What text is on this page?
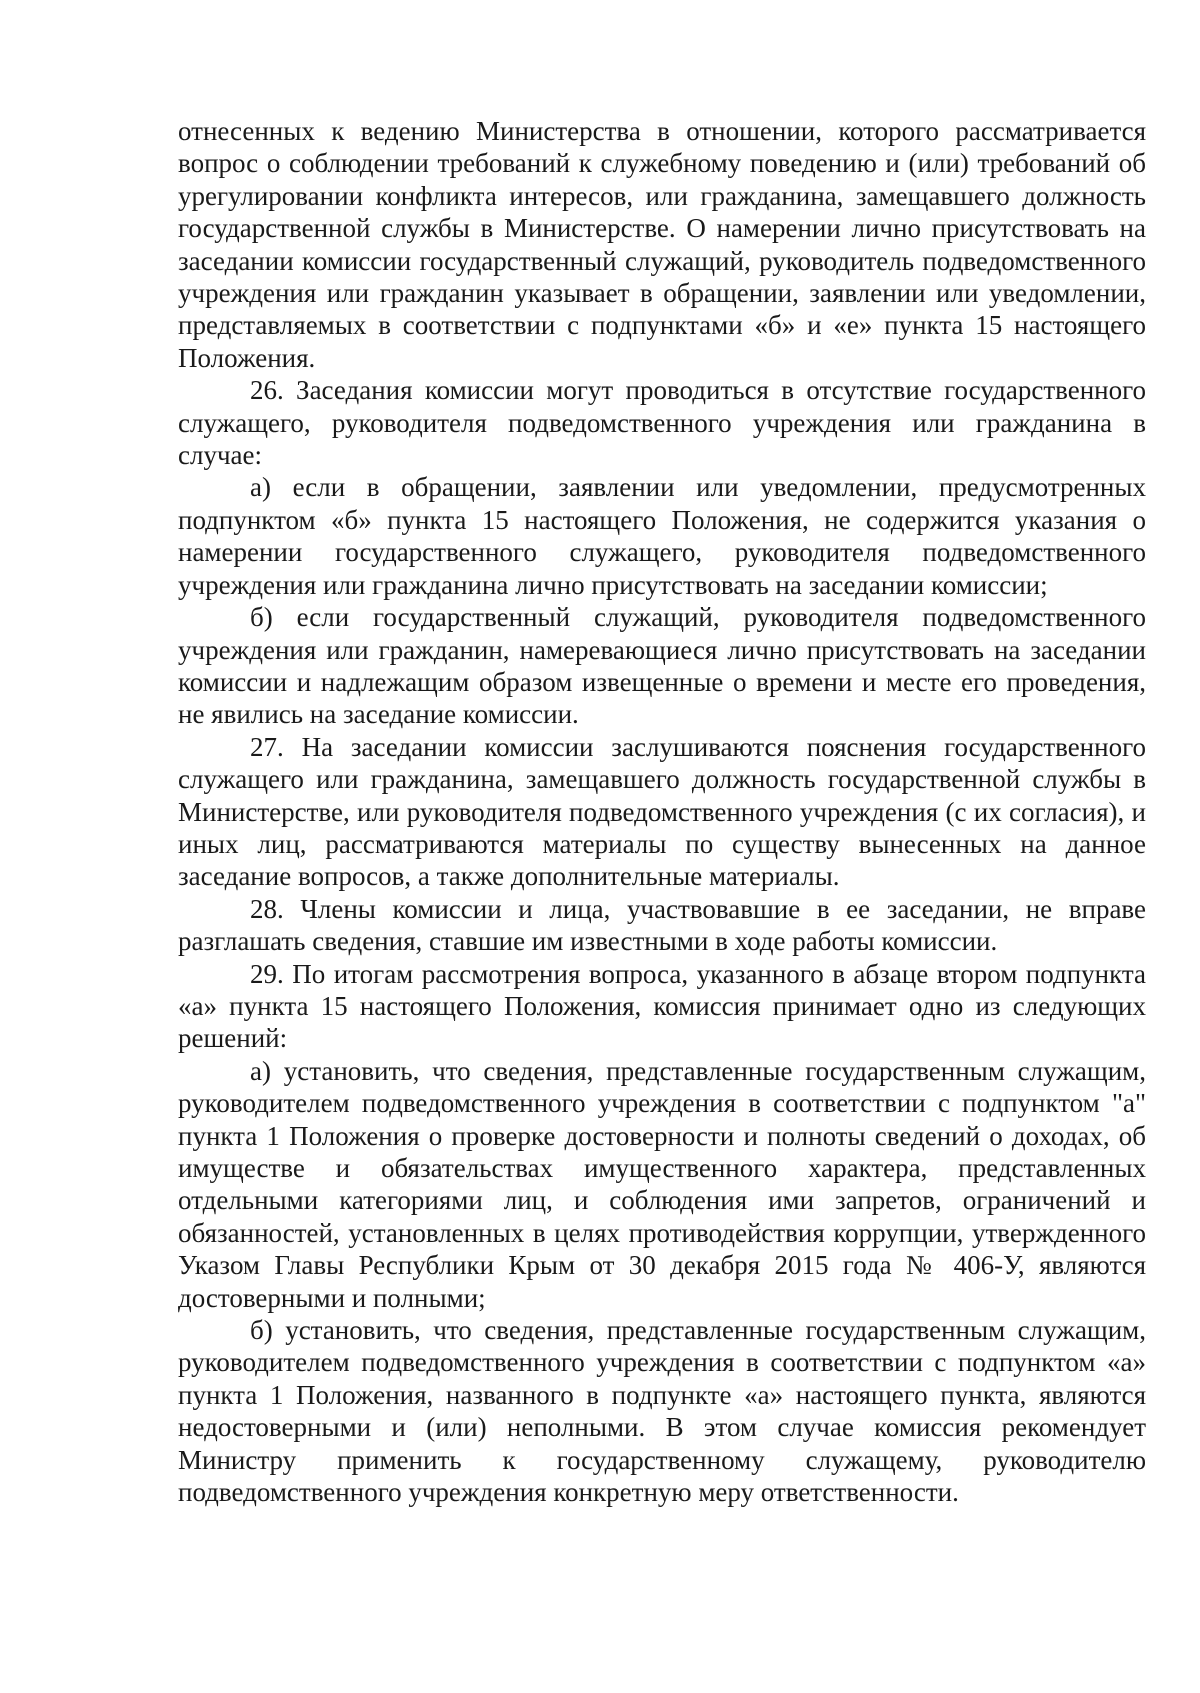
отнесенных к ведению Министерства в отношении, которого рассматривается вопрос о соблюдении требований к служебному поведению и (или) требований об урегулировании конфликта интересов, или гражданина, замещавшего должность государственной службы в Министерстве. О намерении лично присутствовать на заседании комиссии государственный служащий, руководитель подведомственного учреждения или гражданин указывает в обращении, заявлении или уведомлении, представляемых в соответствии с подпунктами «б» и «е» пункта 15 настоящего Положения.

26. Заседания комиссии могут проводиться в отсутствие государственного служащего, руководителя подведомственного учреждения или гражданина в случае:

а) если в обращении, заявлении или уведомлении, предусмотренных подпунктом «б» пункта 15 настоящего Положения, не содержится указания о намерении государственного служащего, руководителя подведомственного учреждения или гражданина лично присутствовать на заседании комиссии;

б) если государственный служащий, руководителя подведомственного учреждения или гражданин, намеревающиеся лично присутствовать на заседании комиссии и надлежащим образом извещенные о времени и месте его проведения, не явились на заседание комиссии.

27. На заседании комиссии заслушиваются пояснения государственного служащего или гражданина, замещавшего должность государственной службы в Министерстве, или руководителя подведомственного учреждения (с их согласия), и иных лиц, рассматриваются материалы по существу вынесенных на данное заседание вопросов, а также дополнительные материалы.

28. Члены комиссии и лица, участвовавшие в ее заседании, не вправе разглашать сведения, ставшие им известными в ходе работы комиссии.

29. По итогам рассмотрения вопроса, указанного в абзаце втором подпункта «а» пункта 15 настоящего Положения, комиссия принимает одно из следующих решений:

а) установить, что сведения, представленные государственным служащим, руководителем подведомственного учреждения в соответствии с подпунктом "а" пункта 1 Положения о проверке достоверности и полноты сведений о доходах, об имуществе и обязательствах имущественного характера, представленных отдельными категориями лиц, и соблюдения ими запретов, ограничений и обязанностей, установленных в целях противодействия коррупции, утвержденного Указом Главы Республики Крым от 30 декабря 2015 года № 406-У, являются достоверными и полными;

б) установить, что сведения, представленные государственным служащим, руководителем подведомственного учреждения в соответствии с подпунктом «а» пункта 1 Положения, названного в подпункте «а» настоящего пункта, являются недостоверными и (или) неполными. В этом случае комиссия рекомендует Министру применить к государственному служащему, руководителю подведомственного учреждения конкретную меру ответственности.
